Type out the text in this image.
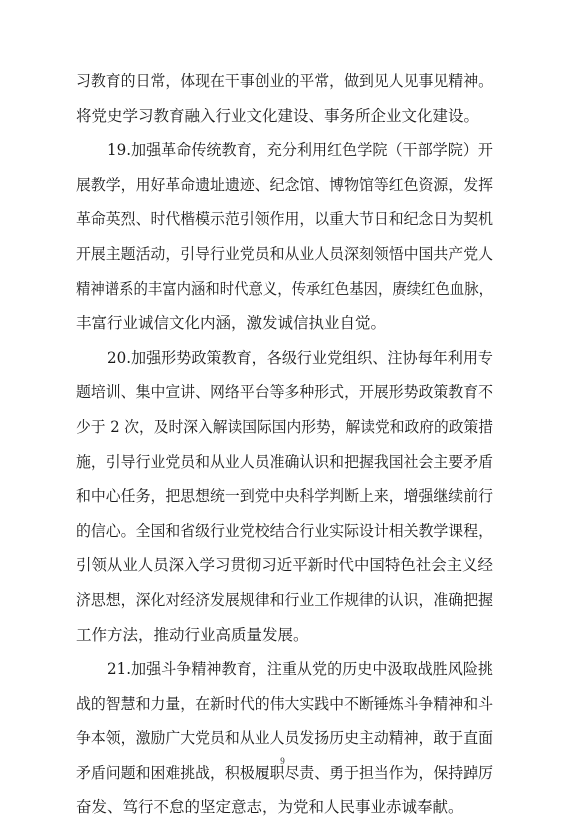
习教育的日常，体现在干事创业的平常，做到见人见事见精神。
将党史学习教育融入行业文化建设、事务所企业文化建设。
19.加强革命传统教育，充分利用红色学院（干部学院）开
展教学，用好革命遗址遗迹、纪念馆、博物馆等红色资源，发挥
革命英烈、时代楷模示范引领作用，以重大节日和纪念日为契机
开展主题活动，引导行业党员和从业人员深刻领悟中国共产党人
精神谱系的丰富内涵和时代意义，传承红色基因，赓续红色血脉，
丰富行业诚信文化内涵，激发诚信执业自觉。
20.加强形势政策教育，各级行业党组织、注协每年利用专
题培训、集中宣讲、网络平台等多种形式，开展形势政策教育不
少于 2 次，及时深入解读国际国内形势，解读党和政府的政策措
施，引导行业党员和从业人员准确认识和把握我国社会主要矛盾
和中心任务，把思想统一到党中央科学判断上来，增强继续前行
的信心。全国和省级行业党校结合行业实际设计相关教学课程，
引领从业人员深入学习贯彻习近平新时代中国特色社会主义经
济思想，深化对经济发展规律和行业工作规律的认识，准确把握
工作方法，推动行业高质量发展。
21.加强斗争精神教育，注重从党的历史中汲取战胜风险挑
战的智慧和力量，在新时代的伟大实践中不断锤炼斗争精神和斗
争本领，激励广大党员和从业人员发扬历史主动精神，敢于直面
矛盾问题和困难挑战，积极履职尽责、勇于担当作为，保持踔厉
奋发、笃行不怠的坚定意志，为党和人民事业赤诚奉献。
9
